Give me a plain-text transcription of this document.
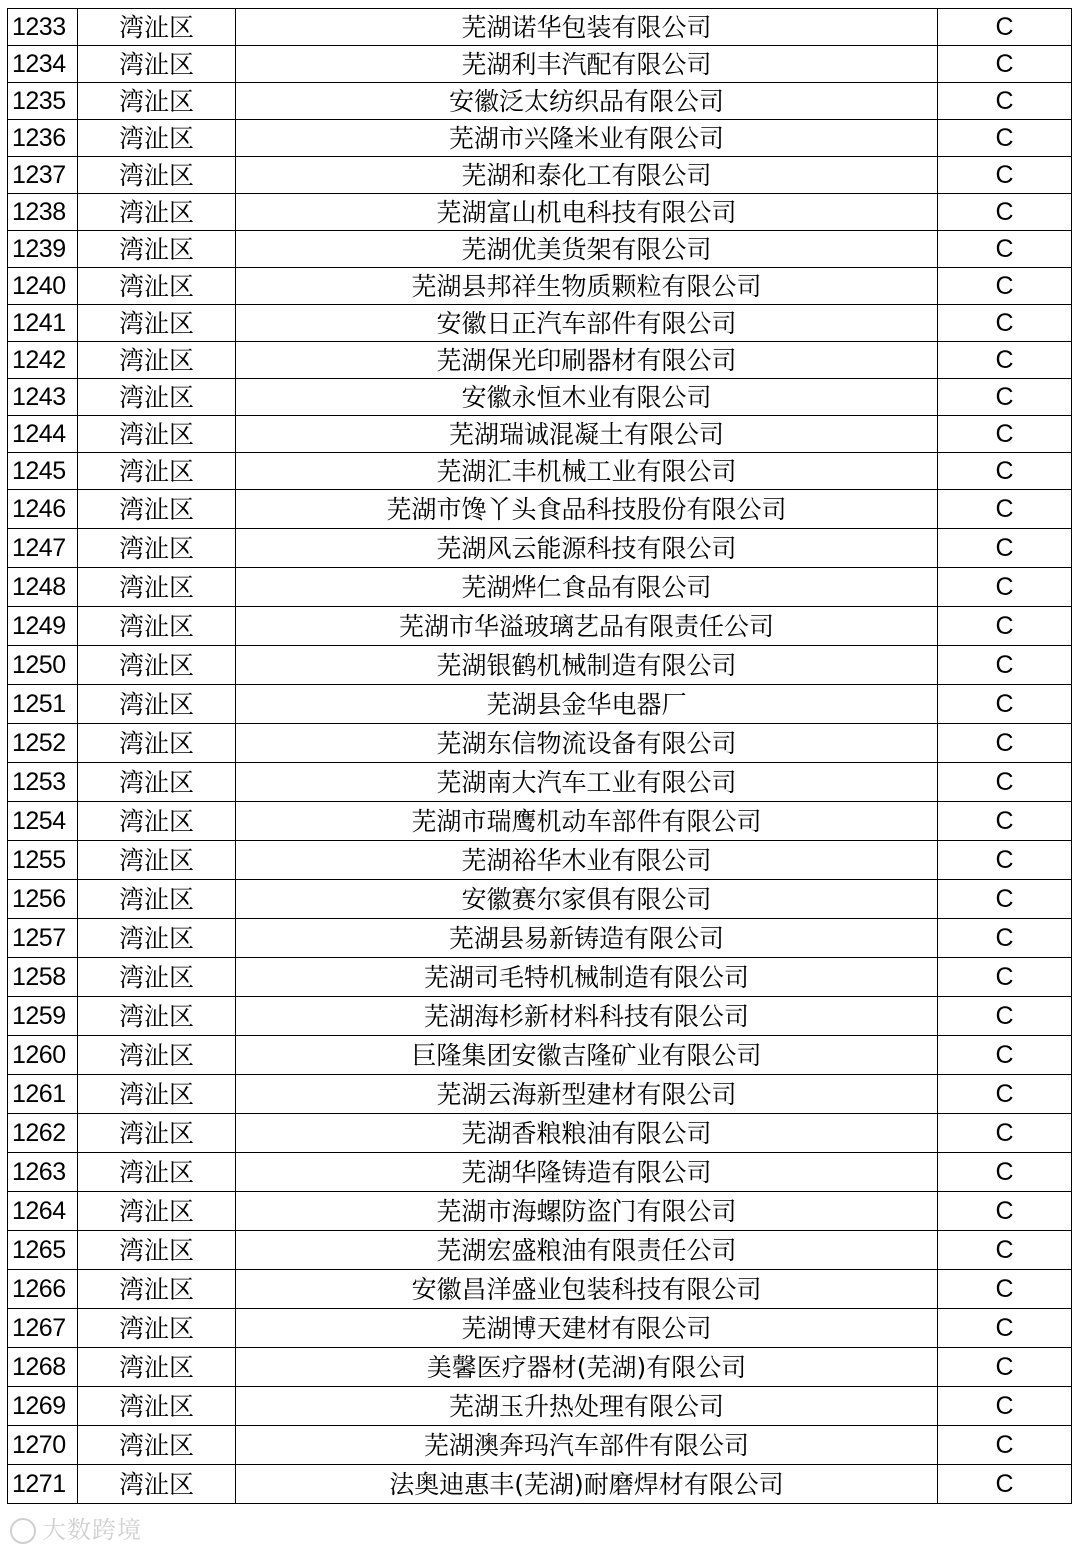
1233	湾沚区	芜湖诺华包装有限公司	C
1234	湾沚区	芜湖利丰汽配有限公司	C
1235	湾沚区	安徽泛太纺织品有限公司	C
1236	湾沚区	芜湖市兴隆米业有限公司	C
1237	湾沚区	芜湖和泰化工有限公司	C
1238	湾沚区	芜湖富山机电科技有限公司	C
1239	湾沚区	芜湖优美货架有限公司	C
1240	湾沚区	芜湖县邦祥生物质颗粒有限公司	C
1241	湾沚区	安徽日正汽车部件有限公司	C
1242	湾沚区	芜湖保光印刷器材有限公司	C
1243	湾沚区	安徽永恒木业有限公司	C
1244	湾沚区	芜湖瑞诚混凝土有限公司	C
1245	湾沚区	芜湖汇丰机械工业有限公司	C
1246	湾沚区	芜湖市馋丫头食品科技股份有限公司	C
1247	湾沚区	芜湖风云能源科技有限公司	C
1248	湾沚区	芜湖烨仁食品有限公司	C
1249	湾沚区	芜湖市华溢玻璃艺品有限责任公司	C
1250	湾沚区	芜湖银鹤机械制造有限公司	C
1251	湾沚区	芜湖县金华电器厂	C
1252	湾沚区	芜湖东信物流设备有限公司	C
1253	湾沚区	芜湖南大汽车工业有限公司	C
1254	湾沚区	芜湖市瑞鹰机动车部件有限公司	C
1255	湾沚区	芜湖裕华木业有限公司	C
1256	湾沚区	安徽赛尔家俱有限公司	C
1257	湾沚区	芜湖县易新铸造有限公司	C
1258	湾沚区	芜湖司毛特机械制造有限公司	C
1259	湾沚区	芜湖海杉新材料科技有限公司	C
1260	湾沚区	巨隆集团安徽吉隆矿业有限公司	C
1261	湾沚区	芜湖云海新型建材有限公司	C
1262	湾沚区	芜湖香粮粮油有限公司	C
1263	湾沚区	芜湖华隆铸造有限公司	C
1264	湾沚区	芜湖市海螺防盗门有限公司	C
1265	湾沚区	芜湖宏盛粮油有限责任公司	C
1266	湾沚区	安徽昌洋盛业包装科技有限公司	C
1267	湾沚区	芜湖博天建材有限公司	C
1268	湾沚区	美馨医疗器材(芜湖)有限公司	C
1269	湾沚区	芜湖玉升热处理有限公司	C
1270	湾沚区	芜湖澳奔玛汽车部件有限公司	C
1271	湾沚区	法奥迪惠丰(芜湖)耐磨焊材有限公司	C
大数跨境
